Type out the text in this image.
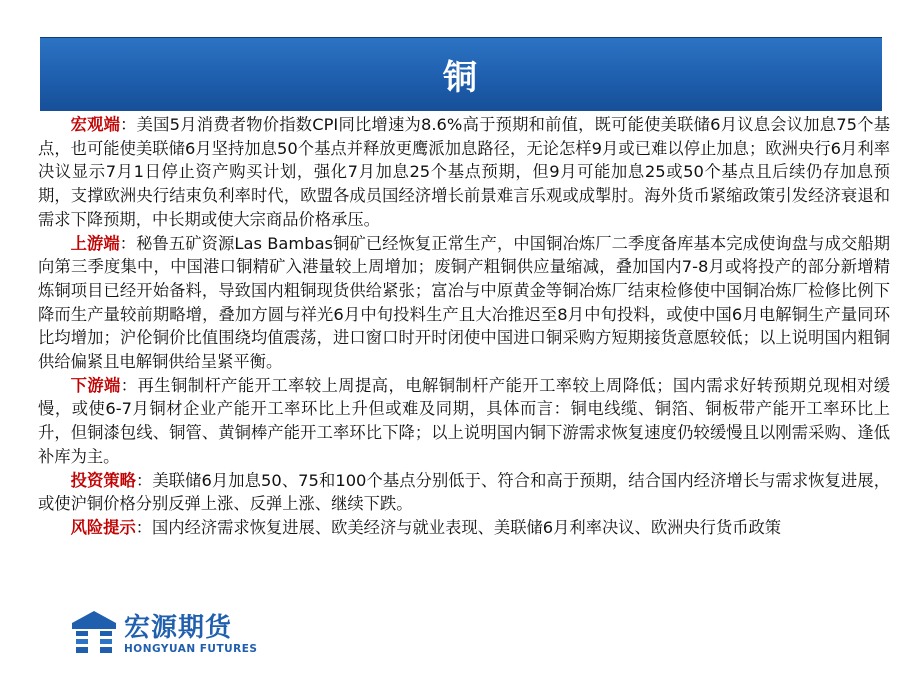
铜

宏观端：美国5月消费者物价指数CPI同比增速为8.6%高于预期和前值，既可能使美联储6月议息会议加息75个基点，也可能使美联储6月坚持加息50个基点并释放更鹰派加息路径，无论怎样9月或已难以停止加息；欧洲央行6月利率决议显示7月1日停止资产购买计划，强化7月加息25个基点预期，但9月可能加息25或50个基点且后续仍存加息预期，支撑欧洲央行结束负利率时代，欧盟各成员国经济增长前景难言乐观或成掣肘。海外货币紧缩政策引发经济衰退和需求下降预期，中长期或使大宗商品价格承压。

上游端：秘鲁五矿资源Las Bambas铜矿已经恢复正常生产，中国铜冶炼厂二季度备库基本完成使询盘与成交船期向第三季度集中，中国港口铜精矿入港量较上周增加；废铜产粗铜供应量缩减，叠加国内7-8月或将投产的部分新增精炼铜项目已经开始备料，导致国内粗铜现货供给紧张；富冶与中原黄金等铜冶炼厂结束检修使中国铜冶炼厂检修比例下降而生产量较前期略增，叠加方圆与祥光6月中旬投料生产且大冶推迟至8月中旬投料，或使中国6月电解铜生产量同环比均增加；沪伦铜价比值围绕均值震荡，进口窗口时开时闭使中国进口铜采购方短期接货意愿较低；以上说明国内粗铜供给偏紧且电解铜供给呈紧平衡。

下游端：再生铜制杆产能开工率较上周提高，电解铜制杆产能开工率较上周降低；国内需求好转预期兑现相对缓慢，或使6-7月铜材企业产能开工率环比上升但或难及同期，具体而言：铜电线缆、铜箔、铜板带产能开工率环比上升，但铜漆包线、铜管、黄铜棒产能开工率环比下降；以上说明国内铜下游需求恢复速度仍较缓慢且以刚需采购、逢低补库为主。

投资策略：美联储6月加息50、75和100个基点分别低于、符合和高于预期，结合国内经济增长与需求恢复进展，或使沪铜价格分别反弹上涨、反弹上涨、继续下跌。

风险提示：国内经济需求恢复进展、欧美经济与就业表现、美联储6月利率决议、欧洲央行货币政策

宏源期货
HONGYUAN FUTURES
